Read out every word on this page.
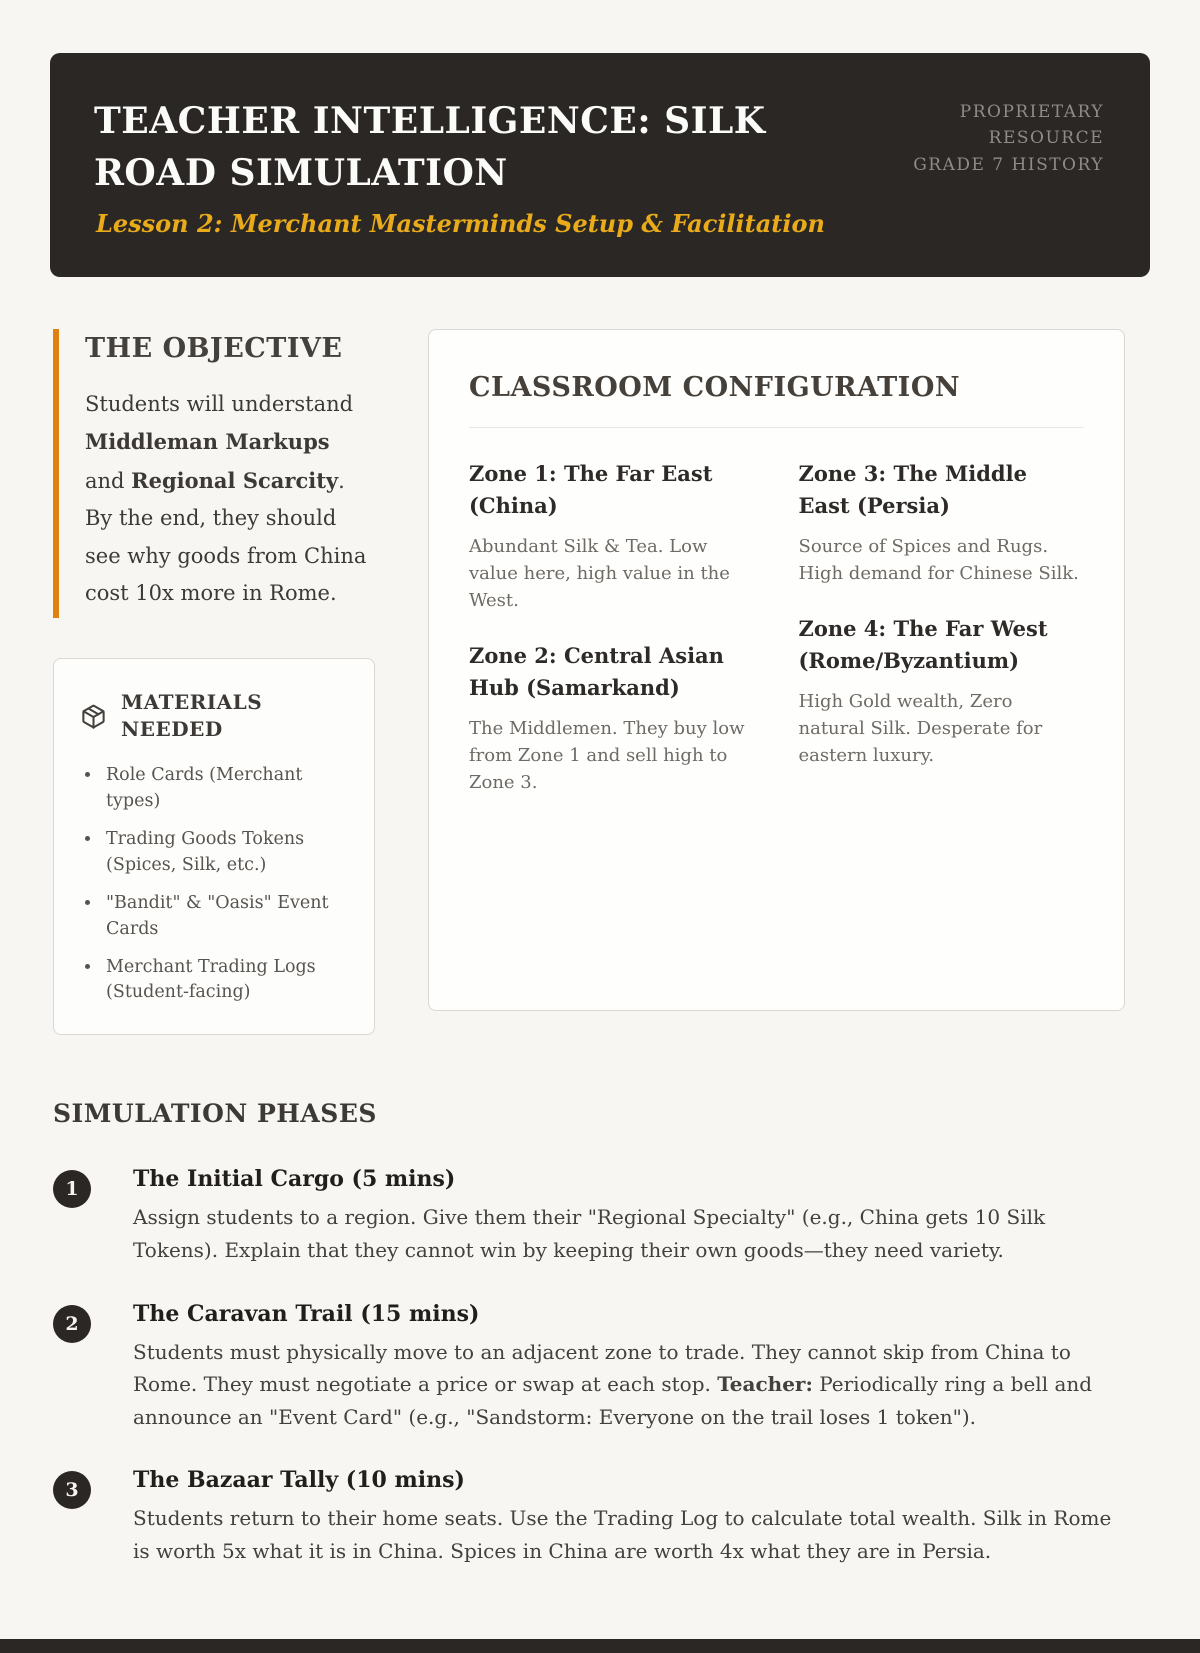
TEACHER INTELLIGENCE: SILK ROAD SIMULATION
Lesson 2: Merchant Masterminds Setup & Facilitation
PROPRIETARY
RESOURCE
GRADE 7 HISTORY
THE OBJECTIVE

Students will understand Middleman Markups and Regional Scarcity. By the end, they should see why goods from China cost 10x more in Rome.

MATERIALS NEEDED
• Role Cards (Merchant types)
• Trading Goods Tokens (Spices, Silk, etc.)
• "Bandit" & "Oasis" Event Cards
• Merchant Trading Logs (Student-facing)
CLASSROOM CONFIGURATION
Zone 1: The Far East (China)

Abundant Silk & Tea. Low value here, high value in the West.

Zone 2: Central Asian Hub (Samarkand)

The Middlemen. They buy low from Zone 1 and sell high to Zone 3.

Zone 3: The Middle East (Persia)

Source of Spices and Rugs. High demand for Chinese Silk.

Zone 4: The Far West (Rome/Byzantium)

High Gold wealth, Zero natural Silk. Desperate for eastern luxury.

SIMULATION PHASES
1	The Initial Cargo (5 mins)

Assign students to a region. Give them their "Regional Specialty" (e.g., China gets 10 Silk Tokens). Explain that they cannot win by keeping their own goods—they need variety.

2	The Caravan Trail (15 mins)

Students must physically move to an adjacent zone to trade. They cannot skip from China to Rome. They must negotiate a price or swap at each stop. Teacher: Periodically ring a bell and announce an "Event Card" (e.g., "Sandstorm: Everyone on the trail loses 1 token").

3	The Bazaar Tally (10 mins)

Students return to their home seats. Use the Trading Log to calculate total wealth. Silk in Rome is worth 5x what it is in China. Spices in China are worth 4x what they are in Persia.
